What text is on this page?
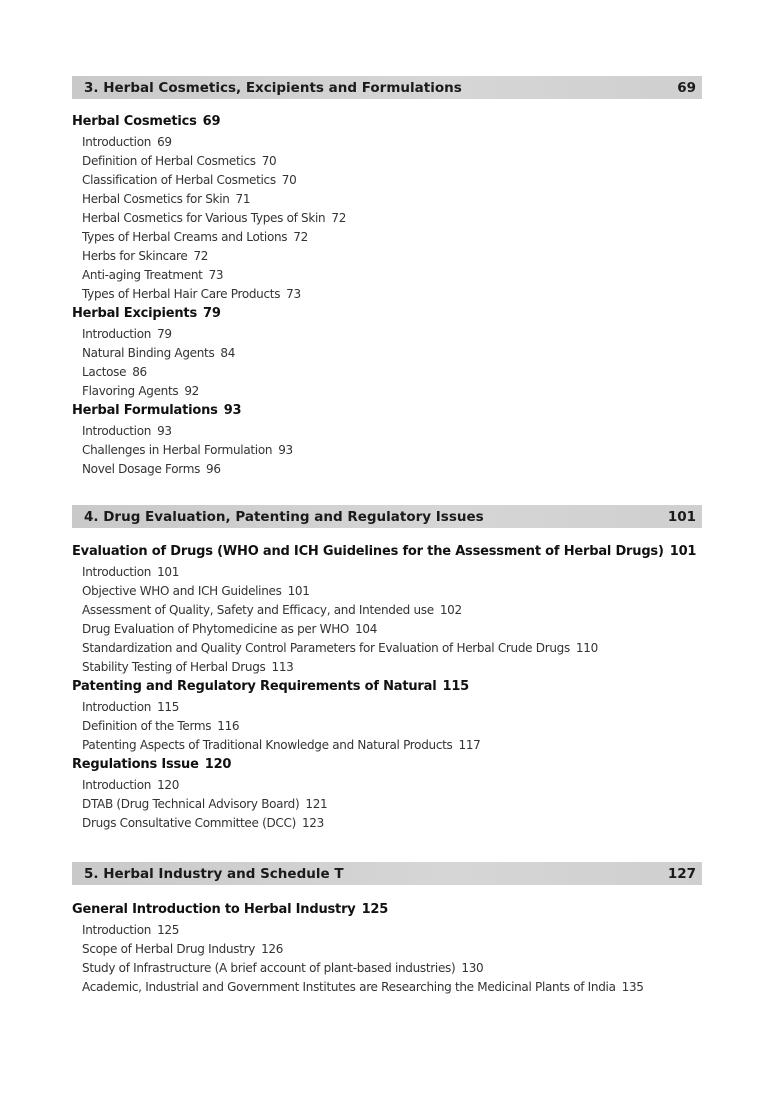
3. Herbal Cosmetics, Excipients and Formulations	69
Herbal Cosmetics 69
Introduction 69
Definition of Herbal Cosmetics 70
Classification of Herbal Cosmetics 70
Herbal Cosmetics for Skin 71
Herbal Cosmetics for Various Types of Skin 72
Types of Herbal Creams and Lotions 72
Herbs for Skincare 72
Anti-aging Treatment 73
Types of Herbal Hair Care Products 73
Herbal Excipients 79
Introduction 79
Natural Binding Agents 84
Lactose 86
Flavoring Agents 92
Herbal Formulations 93
Introduction 93
Challenges in Herbal Formulation 93
Novel Dosage Forms 96
4. Drug Evaluation, Patenting and Regulatory Issues	101
Evaluation of Drugs (WHO and ICH Guidelines for the Assessment of Herbal Drugs) 101
Introduction 101
Objective WHO and ICH Guidelines 101
Assessment of Quality, Safety and Efficacy, and Intended use 102
Drug Evaluation of Phytomedicine as per WHO 104
Standardization and Quality Control Parameters for Evaluation of Herbal Crude Drugs 110
Stability Testing of Herbal Drugs 113
Patenting and Regulatory Requirements of Natural 115
Introduction 115
Definition of the Terms 116
Patenting Aspects of Traditional Knowledge and Natural Products 117
Regulations Issue 120
Introduction 120
DTAB (Drug Technical Advisory Board) 121
Drugs Consultative Committee (DCC) 123
5. Herbal Industry and Schedule T	127
General Introduction to Herbal Industry 125
Introduction 125
Scope of Herbal Drug Industry 126
Study of Infrastructure (A brief account of plant-based industries) 130
Academic, Industrial and Government Institutes are Researching the Medicinal Plants of India 135
